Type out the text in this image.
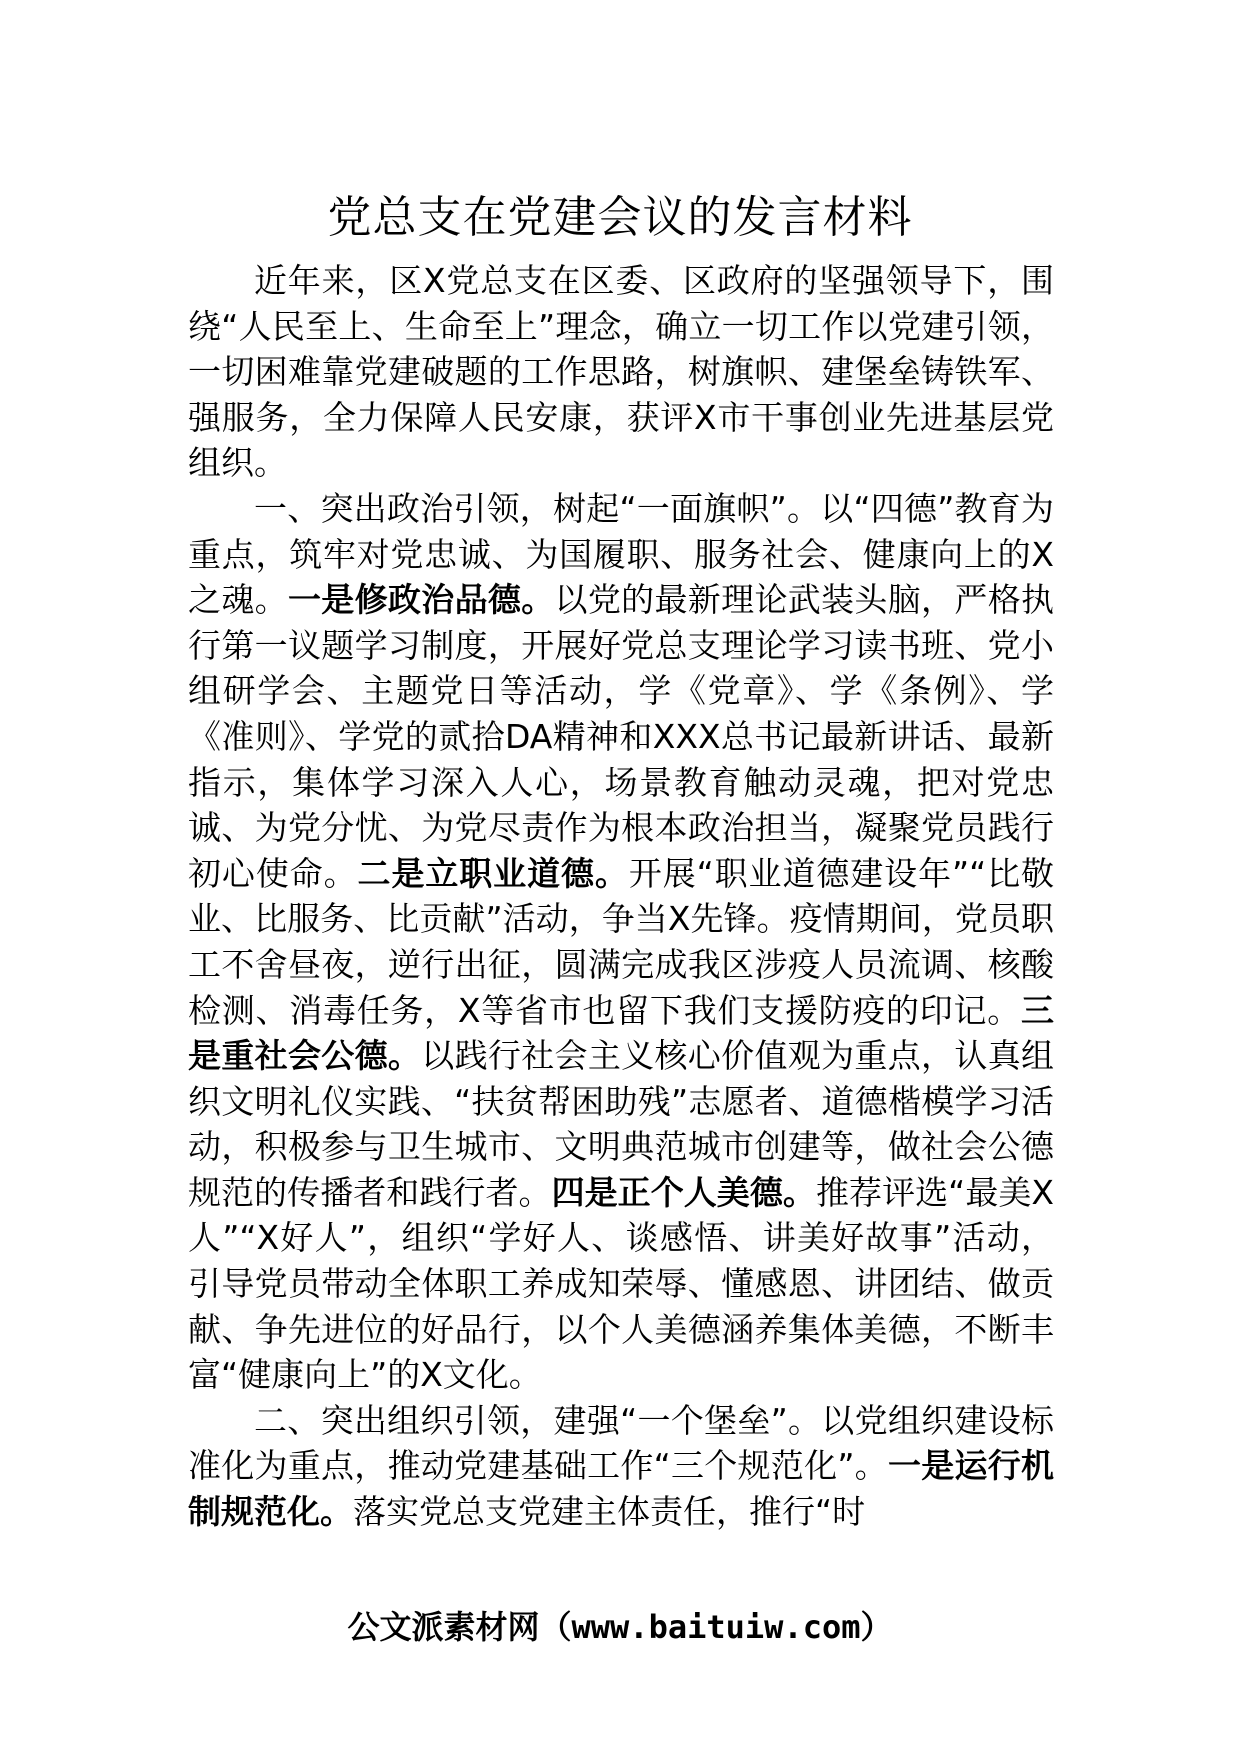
党总支在党建会议的发言材料

近年来，区X党总支在区委、区政府的坚强领导下，围绕“人民至上、生命至上”理念，确立一切工作以党建引领，一切困难靠党建破题的工作思路，树旗帜、建堡垒铸铁军、强服务，全力保障人民安康，获评X市干事创业先进基层党组织。

一、突出政治引领，树起“一面旗帜”。以“四德”教育为重点，筑牢对党忠诚、为国履职、服务社会、健康向上的X之魂。一是修政治品德。以党的最新理论武装头脑，严格执行第一议题学习制度，开展好党总支理论学习读书班、党小组研学会、主题党日等活动，学《党章》、学《条例》、学《准则》、学党的贰拾DA精神和XXX总书记最新讲话、最新指示，集体学习深入人心，场景教育触动灵魂，把对党忠诚、为党分忧、为党尽责作为根本政治担当，凝聚党员践行初心使命。二是立职业道德。开展“职业道德建设年”“比敬业、比服务、比贡献”活动，争当X先锋。疫情期间，党员职工不舍昼夜，逆行出征，圆满完成我区涉疫人员流调、核酸检测、消毒任务，X等省市也留下我们支援防疫的印记。三是重社会公德。以践行社会主义核心价值观为重点，认真组织文明礼仪实践、“扶贫帮困助残”志愿者、道德楷模学习活动，积极参与卫生城市、文明典范城市创建等，做社会公德规范的传播者和践行者。四是正个人美德。推荐评选“最美X人”“X好人”，组织“学好人、谈感悟、讲美好故事”活动，引导党员带动全体职工养成知荣辱、懂感恩、讲团结、做贡献、争先进位的好品行，以个人美德涵养集体美德，不断丰富“健康向上”的X文化。

二、突出组织引领，建强“一个堡垒”。以党组织建设标准化为重点，推动党建基础工作“三个规范化”。一是运行机制规范化。落实党总支党建主体责任，推行“时

公文派素材网（www.baituiw.com）
